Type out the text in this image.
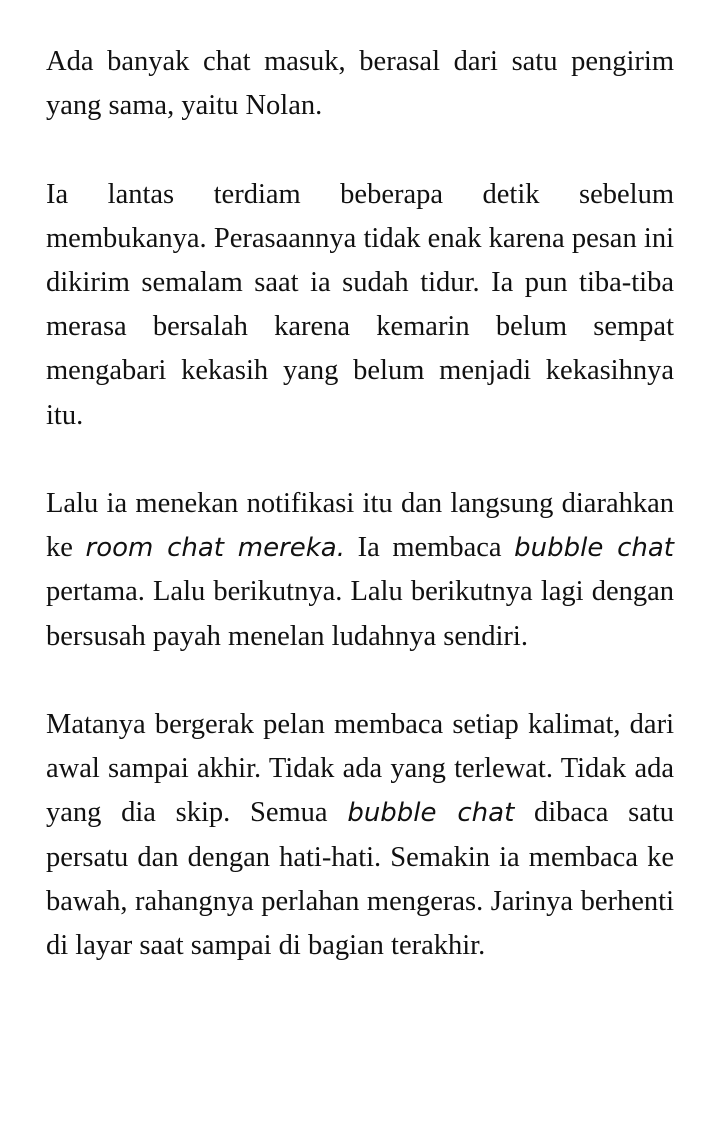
Ada banyak chat masuk, berasal dari satu pengirim yang sama, yaitu Nolan.

Ia lantas terdiam beberapa detik sebelum membukanya. Perasaannya tidak enak karena pesan ini dikirim semalam saat ia sudah tidur. Ia pun tiba-tiba merasa bersalah karena kemarin belum sempat mengabari kekasih yang belum menjadi kekasihnya itu.

Lalu ia menekan notifikasi itu dan langsung diarahkan ke room chat mereka. Ia membaca bubble chat pertama. Lalu berikutnya. Lalu berikutnya lagi dengan bersusah payah menelan ludahnya sendiri.

Matanya bergerak pelan membaca setiap kalimat, dari awal sampai akhir. Tidak ada yang terlewat. Tidak ada yang dia skip. Semua bubble chat dibaca satu persatu dan dengan hati-hati. Semakin ia membaca ke bawah, rahangnya perlahan mengeras. Jarinya berhenti di layar saat sampai di bagian terakhir.
